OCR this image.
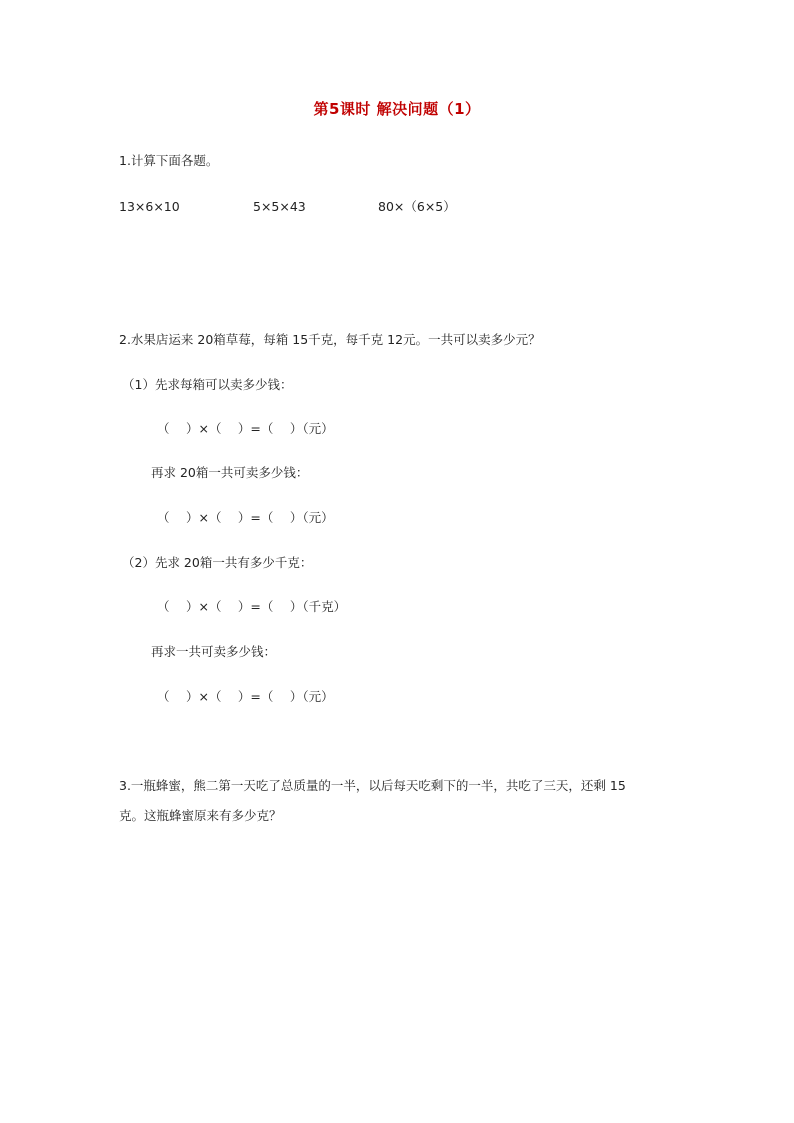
第5课时 解决问题（1）
1.计算下面各题。
13×6×10	5×5×43	80×（6×5）
2.水果店运来 20箱草莓，每箱 15千克，每千克 12元。一共可以卖多少元？
（1）先求每箱可以卖多少钱：
（　 ）×（　 ）=（　 ）（元）
再求 20箱一共可卖多少钱：
（　 ）×（　 ）=（　 ）（元）
（2）先求 20箱一共有多少千克：
（　 ）×（　 ）=（　 ）（千克）
再求一共可卖多少钱：
（　 ）×（　 ）=（　 ）（元）
3.一瓶蜂蜜，熊二第一天吃了总质量的一半，以后每天吃剩下的一半，共吃了三天，还剩 15
克。这瓶蜂蜜原来有多少克？
